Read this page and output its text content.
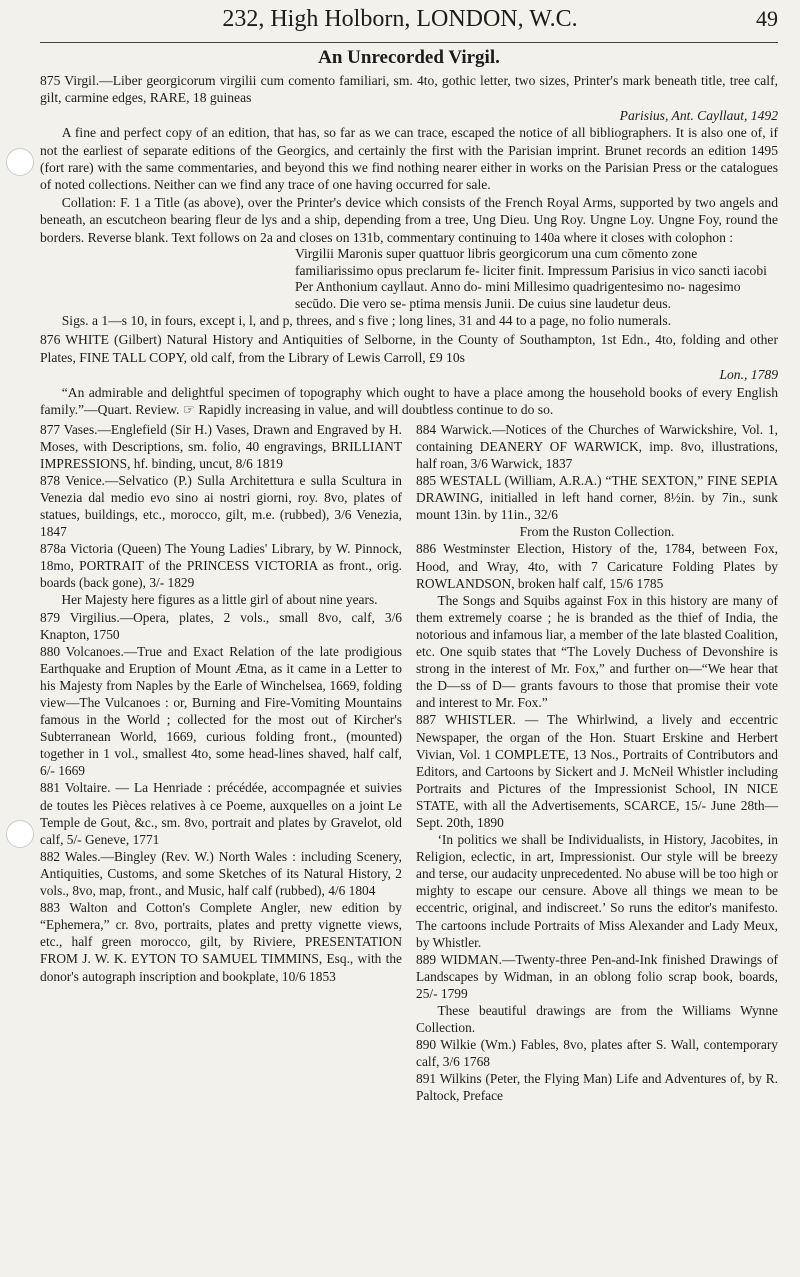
232, High Holborn, LONDON, W.C.	49
An Unrecorded Virgil.

875 Virgil.—Liber georgicorum virgilii cum comento familiari, sm. 4to, gothic letter, two sizes, Printer's mark beneath title, tree calf, gilt, carmine edges, RARE, 18 guineas

Parisius, Ant. Cayllaut, 1492

A fine and perfect copy of an edition, that has, so far as we can trace, escaped the notice of all bibliographers. It is also one of, if not the earliest of separate editions of the Georgics, and certainly the first with the Parisian imprint. Brunet records an edition 1495 (fort rare) with the same commentaries, and beyond this we find nothing nearer either in works on the Parisian Press or the catalogues of noted collections. Neither can we find any trace of one having occurred for sale.

Collation: F. 1 a Title (as above), over the Printer's device which consists of the French Royal Arms, supported by two angels and beneath, an escutcheon bearing fleur de lys and a ship, depending from a tree, Ung Dieu. Ung Roy. Ungne Loy. Ungne Foy, round the borders. Reverse blank. Text follows on 2a and closes on 131b, commentary continuing to 140a where it closes with colophon :

Virgilii Maronis super quattuor libris georgicorum una cum cōmento zone familiarissimo opus preclarum fe- liciter finit. Impressum Parisius in vico sancti iacobi Per Anthonium cayllaut. Anno do- mini Millesimo quadrigentesimo no- nagesimo secūdo. Die vero se- ptima mensis Junii. De cuius sine laudetur deus.

Sigs. a 1—s 10, in fours, except i, l, and p, threes, and s five ; long lines, 31 and 44 to a page, no folio numerals.

876 WHITE (Gilbert) Natural History and Antiquities of Selborne, in the County of Southampton, 1st Edn., 4to, folding and other Plates, FINE TALL COPY, old calf, from the Library of Lewis Carroll, £9 10s

Lon., 1789

“An admirable and delightful specimen of topography which ought to have a place among the household books of every English family.”—Quart. Review. ☞ Rapidly increasing in value, and will doubtless continue to do so.

877 Vases.—Englefield (Sir H.) Vases, Drawn and Engraved by H. Moses, with Descriptions, sm. folio, 40 engravings, BRILLIANT IMPRESSIONS, hf. binding, uncut, 8/6 1819

878 Venice.—Selvatico (P.) Sulla Architettura e sulla Scultura in Venezia dal medio evo sino ai nostri giorni, roy. 8vo, plates of statues, buildings, etc., morocco, gilt, m.e. (rubbed), 3/6 Venezia, 1847

878a Victoria (Queen) The Young Ladies' Library, by W. Pinnock, 18mo, PORTRAIT of the PRINCESS VICTORIA as front., orig. boards (back gone), 3/- 1829

Her Majesty here figures as a little girl of about nine years.

879 Virgilius.—Opera, plates, 2 vols., small 8vo, calf, 3/6 Knapton, 1750

880 Volcanoes.—True and Exact Relation of the late prodigious Earthquake and Eruption of Mount Ætna, as it came in a Letter to his Majesty from Naples by the Earle of Winchelsea, 1669, folding view—The Vulcanoes : or, Burning and Fire-Vomiting Mountains famous in the World ; collected for the most out of Kircher's Subterranean World, 1669, curious folding front., (mounted) together in 1 vol., smallest 4to, some head-lines shaved, half calf, 6/- 1669

881 Voltaire. — La Henriade : précédée, accompagnée et suivies de toutes les Pièces relatives à ce Poeme, auxquelles on a joint Le Temple de Gout, &c., sm. 8vo, portrait and plates by Gravelot, old calf, 5/- Geneve, 1771

882 Wales.—Bingley (Rev. W.) North Wales : including Scenery, Antiquities, Customs, and some Sketches of its Natural History, 2 vols., 8vo, map, front., and Music, half calf (rubbed), 4/6 1804

883 Walton and Cotton's Complete Angler, new edition by “Ephemera,” cr. 8vo, portraits, plates and pretty vignette views, etc., half green morocco, gilt, by Riviere, PRESENTATION FROM J. W. K. EYTON TO SAMUEL TIMMINS, Esq., with the donor's autograph inscription and bookplate, 10/6 1853

884 Warwick.—Notices of the Churches of Warwickshire, Vol. 1, containing DEANERY OF WARWICK, imp. 8vo, illustrations, half roan, 3/6 Warwick, 1837

885 WESTALL (William, A.R.A.) “THE SEXTON,” FINE SEPIA DRAWING, initialled in left hand corner, 8½in. by 7in., sunk mount 13in. by 11in., 32/6

From the Ruston Collection.

886 Westminster Election, History of the, 1784, between Fox, Hood, and Wray, 4to, with 7 Caricature Folding Plates by ROWLANDSON, broken half calf, 15/6 1785

The Songs and Squibs against Fox in this history are many of them extremely coarse ; he is branded as the thief of India, the notorious and infamous liar, a member of the late blasted Coalition, etc. One squib states that “The Lovely Duchess of Devonshire is strong in the interest of Mr. Fox,” and further on—“We hear that the D—ss of D— grants favours to those that promise their vote and interest to Mr. Fox.”

887 WHISTLER. — The Whirlwind, a lively and eccentric Newspaper, the organ of the Hon. Stuart Erskine and Herbert Vivian, Vol. 1 COMPLETE, 13 Nos., Portraits of Contributors and Editors, and Cartoons by Sickert and J. McNeil Whistler including Portraits and Pictures of the Impressionist School, IN NICE STATE, with all the Advertisements, SCARCE, 15/- June 28th—Sept. 20th, 1890

‘In politics we shall be Individualists, in History, Jacobites, in Religion, eclectic, in art, Impressionist. Our style will be breezy and terse, our audacity unprecedented. No abuse will be too high or mighty to escape our censure. Above all things we mean to be eccentric, original, and indiscreet.’ So runs the editor's manifesto. The cartoons include Portraits of Miss Alexander and Lady Meux, by Whistler.

889 WIDMAN.—Twenty-three Pen-and-Ink finished Drawings of Landscapes by Widman, in an oblong folio scrap book, boards, 25/- 1799

These beautiful drawings are from the Williams Wynne Collection.

890 Wilkie (Wm.) Fables, 8vo, plates after S. Wall, contemporary calf, 3/6 1768

891 Wilkins (Peter, the Flying Man) Life and Adventures of, by R. Paltock, Preface
